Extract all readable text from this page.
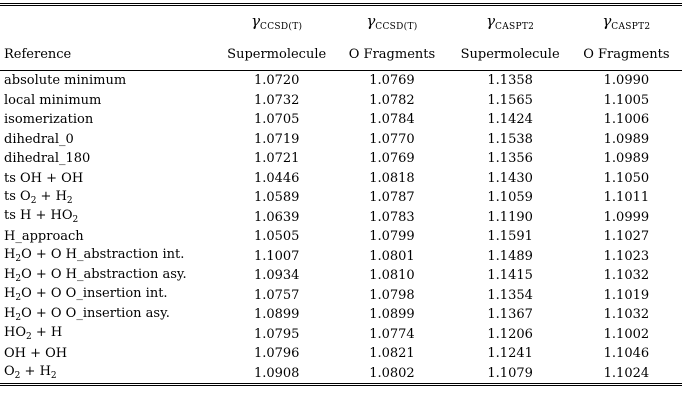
	$\gamma_{CCSD(T)}$	$\gamma_{CCSD(T)}$	$\gamma_{CASPT2}$	$\gamma_{CASPT2}$
Reference	Supermolecule	O Fragments	Supermolecule	O Fragments
absolute minimum	1.0720	1.0769	1.1358	1.0990
local minimum	1.0732	1.0782	1.1565	1.1005
isomerization	1.0705	1.0784	1.1424	1.1006
dihedral_0	1.0719	1.0770	1.1538	1.0989
dihedral_180	1.0721	1.0769	1.1356	1.0989
ts OH + OH	1.0446	1.0818	1.1430	1.1050
ts $O_2 + H_2$	1.0589	1.0787	1.1059	1.1011
ts $H + HO_2$	1.0639	1.0783	1.1190	1.0999
H_approach	1.0505	1.0799	1.1591	1.1027
$H_2O + O$ H_abstraction int.	1.1007	1.0801	1.1489	1.1023
$H_2O + O$ H_abstraction asy.	1.0934	1.0810	1.1415	1.1032
$H_2O + O$ O_insertion int.	1.0757	1.0798	1.1354	1.1019
$H_2O + O$ O_insertion asy.	1.0899	1.0899	1.1367	1.1032
$HO_2 + H$	1.0795	1.0774	1.1206	1.1002
OH + OH	1.0796	1.0821	1.1241	1.1046
$O_2 + H_2$	1.0908	1.0802	1.1079	1.1024
